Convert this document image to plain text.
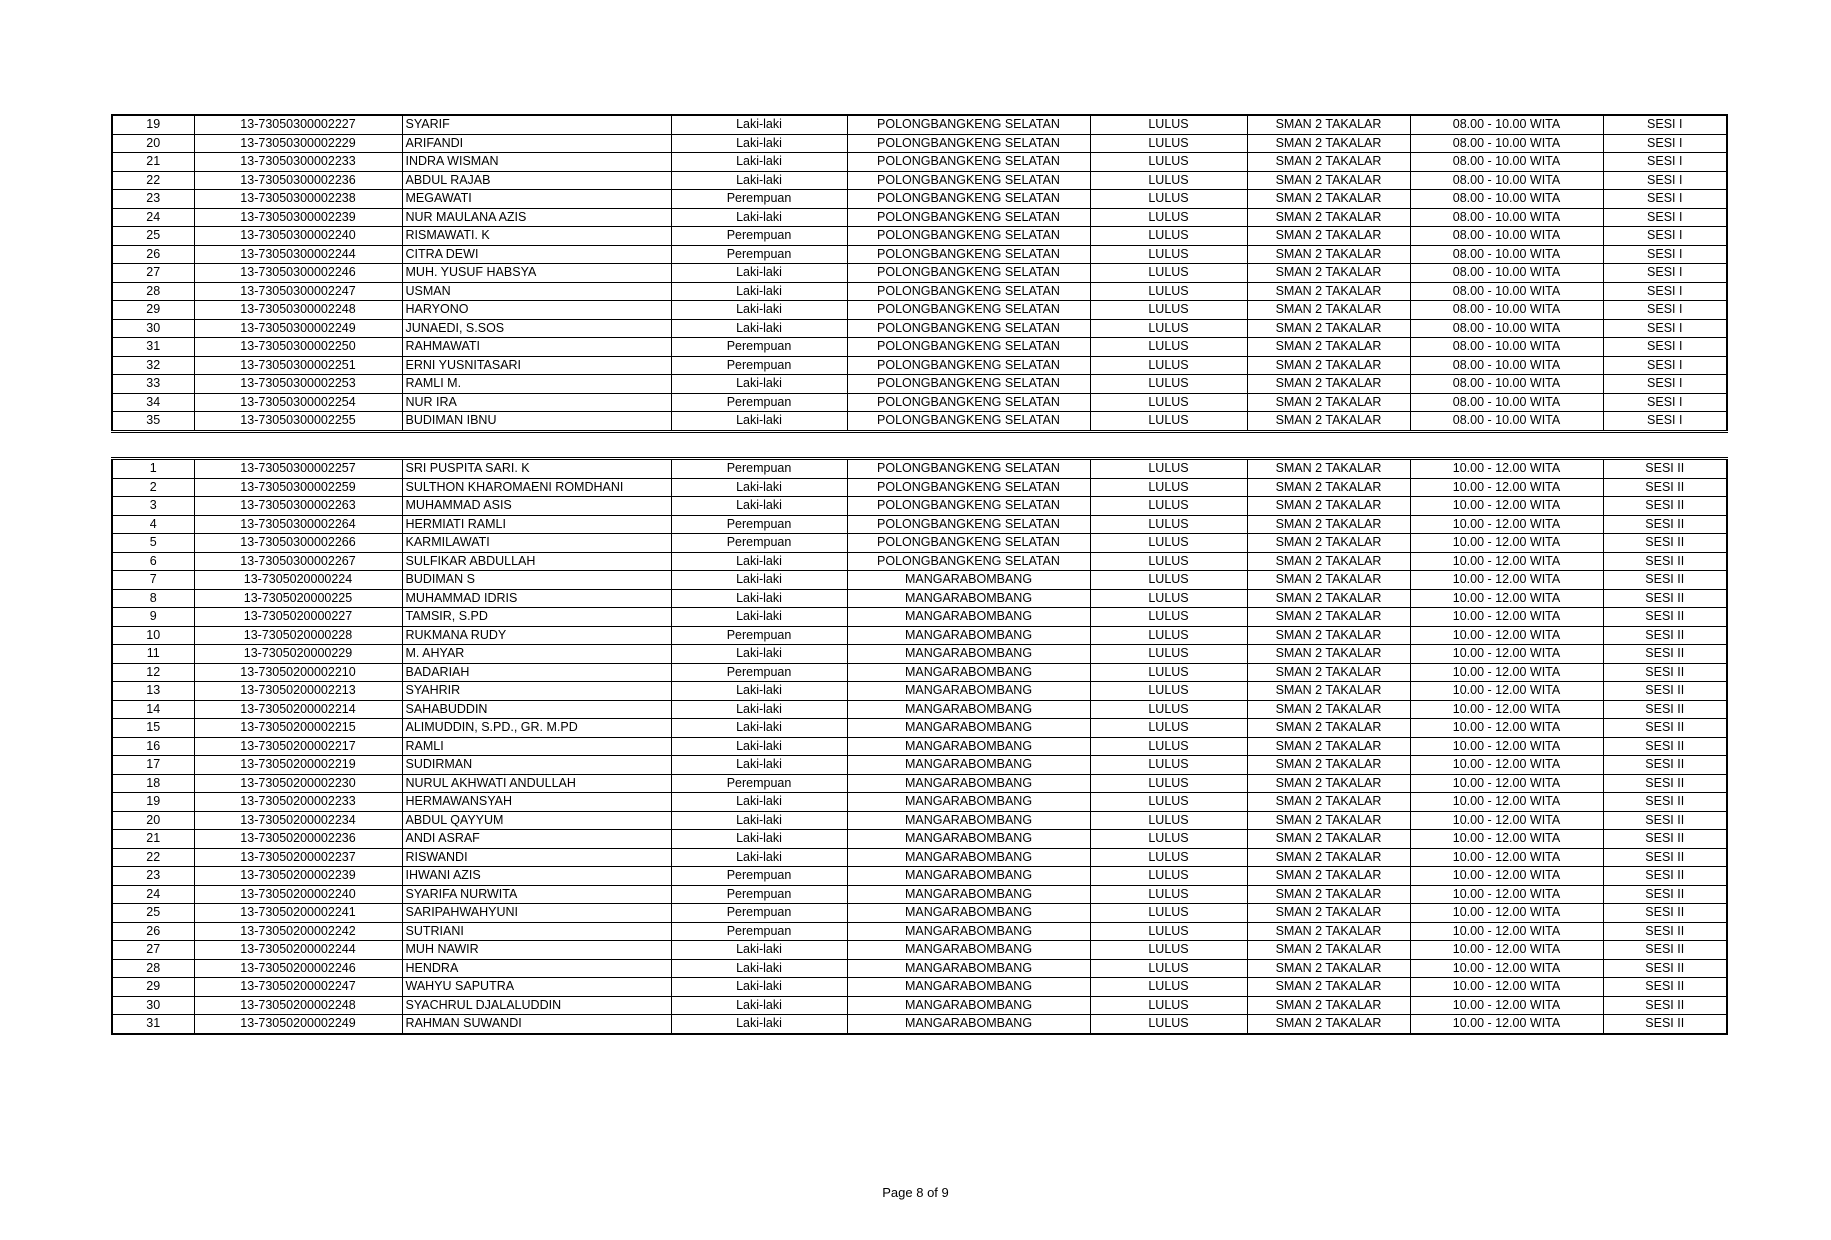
19	13-73050300002227	SYARIF	Laki-laki	POLONGBANGKENG SELATAN	LULUS	SMAN 2 TAKALAR	08.00 - 10.00 WITA	SESI I
20	13-73050300002229	ARIFANDI	Laki-laki	POLONGBANGKENG SELATAN	LULUS	SMAN 2 TAKALAR	08.00 - 10.00 WITA	SESI I
21	13-73050300002233	INDRA WISMAN	Laki-laki	POLONGBANGKENG SELATAN	LULUS	SMAN 2 TAKALAR	08.00 - 10.00 WITA	SESI I
22	13-73050300002236	ABDUL RAJAB	Laki-laki	POLONGBANGKENG SELATAN	LULUS	SMAN 2 TAKALAR	08.00 - 10.00 WITA	SESI I
23	13-73050300002238	MEGAWATI	Perempuan	POLONGBANGKENG SELATAN	LULUS	SMAN 2 TAKALAR	08.00 - 10.00 WITA	SESI I
24	13-73050300002239	NUR MAULANA AZIS	Laki-laki	POLONGBANGKENG SELATAN	LULUS	SMAN 2 TAKALAR	08.00 - 10.00 WITA	SESI I
25	13-73050300002240	RISMAWATI. K	Perempuan	POLONGBANGKENG SELATAN	LULUS	SMAN 2 TAKALAR	08.00 - 10.00 WITA	SESI I
26	13-73050300002244	CITRA DEWI	Perempuan	POLONGBANGKENG SELATAN	LULUS	SMAN 2 TAKALAR	08.00 - 10.00 WITA	SESI I
27	13-73050300002246	MUH. YUSUF HABSYA	Laki-laki	POLONGBANGKENG SELATAN	LULUS	SMAN 2 TAKALAR	08.00 - 10.00 WITA	SESI I
28	13-73050300002247	USMAN	Laki-laki	POLONGBANGKENG SELATAN	LULUS	SMAN 2 TAKALAR	08.00 - 10.00 WITA	SESI I
29	13-73050300002248	HARYONO	Laki-laki	POLONGBANGKENG SELATAN	LULUS	SMAN 2 TAKALAR	08.00 - 10.00 WITA	SESI I
30	13-73050300002249	JUNAEDI, S.SOS	Laki-laki	POLONGBANGKENG SELATAN	LULUS	SMAN 2 TAKALAR	08.00 - 10.00 WITA	SESI I
31	13-73050300002250	RAHMAWATI	Perempuan	POLONGBANGKENG SELATAN	LULUS	SMAN 2 TAKALAR	08.00 - 10.00 WITA	SESI I
32	13-73050300002251	ERNI YUSNITASARI	Perempuan	POLONGBANGKENG SELATAN	LULUS	SMAN 2 TAKALAR	08.00 - 10.00 WITA	SESI I
33	13-73050300002253	RAMLI M.	Laki-laki	POLONGBANGKENG SELATAN	LULUS	SMAN 2 TAKALAR	08.00 - 10.00 WITA	SESI I
34	13-73050300002254	NUR IRA	Perempuan	POLONGBANGKENG SELATAN	LULUS	SMAN 2 TAKALAR	08.00 - 10.00 WITA	SESI I
35	13-73050300002255	BUDIMAN IBNU	Laki-laki	POLONGBANGKENG SELATAN	LULUS	SMAN 2 TAKALAR	08.00 - 10.00 WITA	SESI I
1	13-73050300002257	SRI PUSPITA SARI. K	Perempuan	POLONGBANGKENG SELATAN	LULUS	SMAN 2 TAKALAR	10.00 - 12.00 WITA	SESI II
2	13-73050300002259	SULTHON KHAROMAENI ROMDHANI	Laki-laki	POLONGBANGKENG SELATAN	LULUS	SMAN 2 TAKALAR	10.00 - 12.00 WITA	SESI II
3	13-73050300002263	MUHAMMAD ASIS	Laki-laki	POLONGBANGKENG SELATAN	LULUS	SMAN 2 TAKALAR	10.00 - 12.00 WITA	SESI II
4	13-73050300002264	HERMIATI RAMLI	Perempuan	POLONGBANGKENG SELATAN	LULUS	SMAN 2 TAKALAR	10.00 - 12.00 WITA	SESI II
5	13-73050300002266	KARMILAWATI	Perempuan	POLONGBANGKENG SELATAN	LULUS	SMAN 2 TAKALAR	10.00 - 12.00 WITA	SESI II
6	13-73050300002267	SULFIKAR ABDULLAH	Laki-laki	POLONGBANGKENG SELATAN	LULUS	SMAN 2 TAKALAR	10.00 - 12.00 WITA	SESI II
7	13-7305020000224	BUDIMAN S	Laki-laki	MANGARABOMBANG	LULUS	SMAN 2 TAKALAR	10.00 - 12.00 WITA	SESI II
8	13-7305020000225	MUHAMMAD IDRIS	Laki-laki	MANGARABOMBANG	LULUS	SMAN 2 TAKALAR	10.00 - 12.00 WITA	SESI II
9	13-7305020000227	TAMSIR, S.PD	Laki-laki	MANGARABOMBANG	LULUS	SMAN 2 TAKALAR	10.00 - 12.00 WITA	SESI II
10	13-7305020000228	RUKMANA RUDY	Perempuan	MANGARABOMBANG	LULUS	SMAN 2 TAKALAR	10.00 - 12.00 WITA	SESI II
11	13-7305020000229	M. AHYAR	Laki-laki	MANGARABOMBANG	LULUS	SMAN 2 TAKALAR	10.00 - 12.00 WITA	SESI II
12	13-73050200002210	BADARIAH	Perempuan	MANGARABOMBANG	LULUS	SMAN 2 TAKALAR	10.00 - 12.00 WITA	SESI II
13	13-73050200002213	SYAHRIR	Laki-laki	MANGARABOMBANG	LULUS	SMAN 2 TAKALAR	10.00 - 12.00 WITA	SESI II
14	13-73050200002214	SAHABUDDIN	Laki-laki	MANGARABOMBANG	LULUS	SMAN 2 TAKALAR	10.00 - 12.00 WITA	SESI II
15	13-73050200002215	ALIMUDDIN, S.PD., GR. M.PD	Laki-laki	MANGARABOMBANG	LULUS	SMAN 2 TAKALAR	10.00 - 12.00 WITA	SESI II
16	13-73050200002217	RAMLI	Laki-laki	MANGARABOMBANG	LULUS	SMAN 2 TAKALAR	10.00 - 12.00 WITA	SESI II
17	13-73050200002219	SUDIRMAN	Laki-laki	MANGARABOMBANG	LULUS	SMAN 2 TAKALAR	10.00 - 12.00 WITA	SESI II
18	13-73050200002230	NURUL AKHWATI ANDULLAH	Perempuan	MANGARABOMBANG	LULUS	SMAN 2 TAKALAR	10.00 - 12.00 WITA	SESI II
19	13-73050200002233	HERMAWANSYAH	Laki-laki	MANGARABOMBANG	LULUS	SMAN 2 TAKALAR	10.00 - 12.00 WITA	SESI II
20	13-73050200002234	ABDUL QAYYUM	Laki-laki	MANGARABOMBANG	LULUS	SMAN 2 TAKALAR	10.00 - 12.00 WITA	SESI II
21	13-73050200002236	ANDI ASRAF	Laki-laki	MANGARABOMBANG	LULUS	SMAN 2 TAKALAR	10.00 - 12.00 WITA	SESI II
22	13-73050200002237	RISWANDI	Laki-laki	MANGARABOMBANG	LULUS	SMAN 2 TAKALAR	10.00 - 12.00 WITA	SESI II
23	13-73050200002239	IHWANI AZIS	Perempuan	MANGARABOMBANG	LULUS	SMAN 2 TAKALAR	10.00 - 12.00 WITA	SESI II
24	13-73050200002240	SYARIFA NURWITA	Perempuan	MANGARABOMBANG	LULUS	SMAN 2 TAKALAR	10.00 - 12.00 WITA	SESI II
25	13-73050200002241	SARIPAHWAHYUNI	Perempuan	MANGARABOMBANG	LULUS	SMAN 2 TAKALAR	10.00 - 12.00 WITA	SESI II
26	13-73050200002242	SUTRIANI	Perempuan	MANGARABOMBANG	LULUS	SMAN 2 TAKALAR	10.00 - 12.00 WITA	SESI II
27	13-73050200002244	MUH NAWIR	Laki-laki	MANGARABOMBANG	LULUS	SMAN 2 TAKALAR	10.00 - 12.00 WITA	SESI II
28	13-73050200002246	HENDRA	Laki-laki	MANGARABOMBANG	LULUS	SMAN 2 TAKALAR	10.00 - 12.00 WITA	SESI II
29	13-73050200002247	WAHYU SAPUTRA	Laki-laki	MANGARABOMBANG	LULUS	SMAN 2 TAKALAR	10.00 - 12.00 WITA	SESI II
30	13-73050200002248	SYACHRUL DJALALUDDIN	Laki-laki	MANGARABOMBANG	LULUS	SMAN 2 TAKALAR	10.00 - 12.00 WITA	SESI II
31	13-73050200002249	RAHMAN SUWANDI	Laki-laki	MANGARABOMBANG	LULUS	SMAN 2 TAKALAR	10.00 - 12.00 WITA	SESI II
Page 8 of 9
